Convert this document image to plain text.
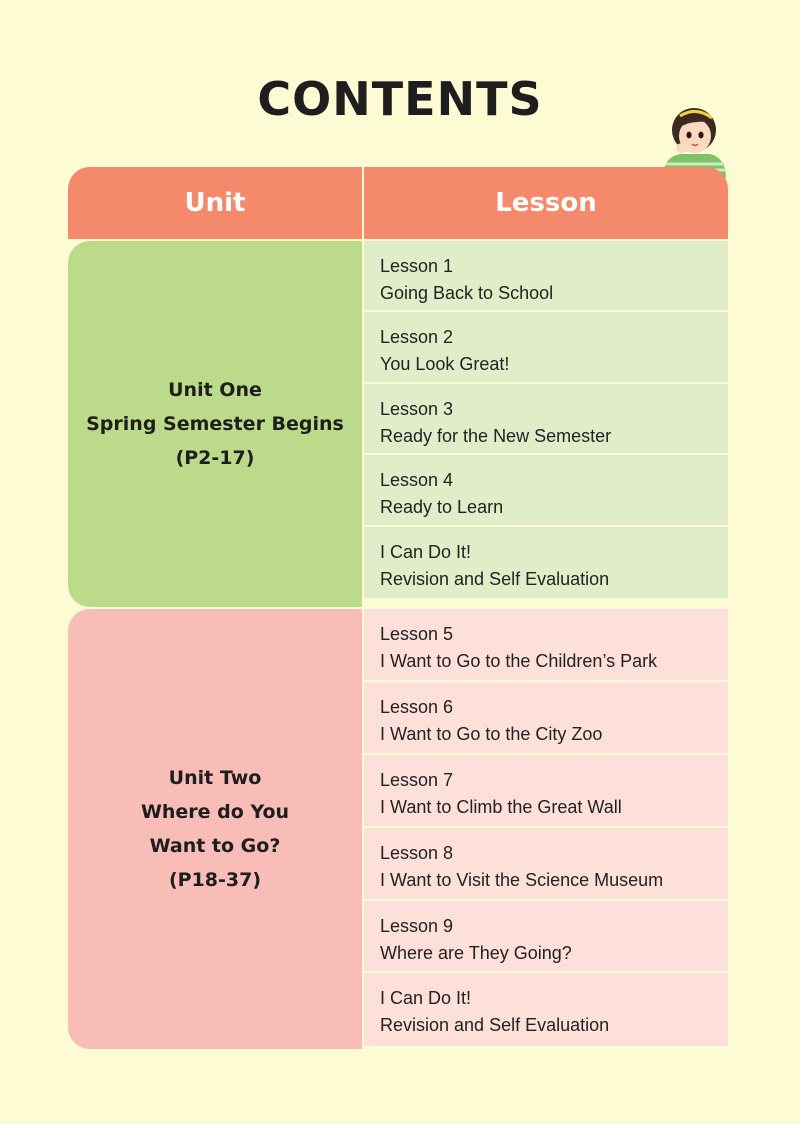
CONTENTS
Unit	Lesson
Unit One
Spring Semester Begins
(P2-17)
Lesson 1
Going Back to School
Lesson 2
You Look Great!
Lesson 3
Ready for the New Semester
Lesson 4
Ready to Learn
I Can Do It!
Revision and Self Evaluation
Unit Two
Where do You
Want to Go?
(P18-37)
Lesson 5
I Want to Go to the Children’s Park
Lesson 6
I Want to Go to the City Zoo
Lesson 7
I Want to Climb the Great Wall
Lesson 8
I Want to Visit the Science Museum
Lesson 9
Where are They Going?
I Can Do It!
Revision and Self Evaluation
